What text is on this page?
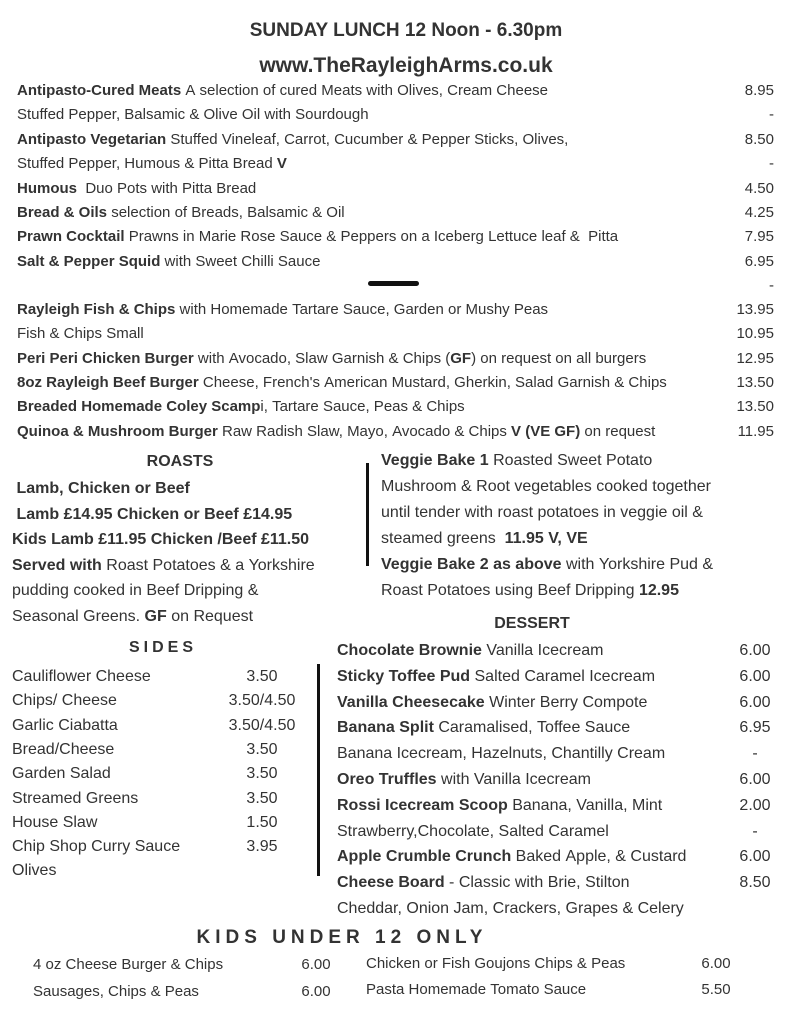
SUNDAY LUNCH 12 Noon - 6.30pm
www.TheRayleighArms.co.uk
ROASTS
DESSERT
SIDES
KIDS UNDER 12 ONLY
Antipasto-Cured Meats A selection of cured Meats with Olives, Cream Cheese	8.95
Stuffed Pepper, Balsamic & Olive Oil with Sourdough	-
Antipasto Vegetarian Stuffed Vineleaf, Carrot, Cucumber & Pepper Sticks, Olives,	8.50
Stuffed Pepper, Humous & Pitta Bread V	-
Humous  Duo Pots with Pitta Bread	4.50
Bread & Oils selection of Breads, Balsamic & Oil	4.25
Prawn Cocktail Prawns in Marie Rose Sauce & Peppers on a Iceberg Lettuce leaf &  Pitta	7.95
Salt & Pepper Squid with Sweet Chilli Sauce	6.95
-
Rayleigh Fish & Chips with Homemade Tartare Sauce, Garden or Mushy Peas	13.95
Fish & Chips Small	10.95
Peri Peri Chicken Burger with Avocado, Slaw Garnish & Chips (GF) on request on all burgers	12.95
8oz Rayleigh Beef Burger Cheese, French's American Mustard, Gherkin, Salad Garnish & Chips	13.50
Breaded Homemade Coley Scampi, Tartare Sauce, Peas & Chips	13.50
Quinoa & Mushroom Burger Raw Radish Slaw, Mayo, Avocado & Chips V (VE GF) on request	11.95
Lamb, Chicken or Beef
Lamb £14.95 Chicken or Beef £14.95
Kids Lamb £11.95 Chicken /Beef £11.50
Served with Roast Potatoes & a Yorkshire
pudding cooked in Beef Dripping &
Seasonal Greens. GF on Request
Veggie Bake 1 Roasted Sweet Potato
Mushroom & Root vegetables cooked together
until tender with roast potatoes in veggie oil &
steamed greens  11.95 V, VE
Veggie Bake 2 as above with Yorkshire Pud &
Roast Potatoes using Beef Dripping 12.95
Cauliflower Cheese	3.50
Chips/ Cheese	3.50/4.50
Garlic Ciabatta	3.50/4.50
Bread/Cheese	3.50
Garden Salad	3.50
Streamed Greens	3.50
House Slaw	1.50
Chip Shop Curry Sauce	3.95
Olives
Chocolate Brownie Vanilla Icecream	6.00
Sticky Toffee Pud Salted Caramel Icecream	6.00
Vanilla Cheesecake Winter Berry Compote	6.00
Banana Split Caramalised, Toffee Sauce	6.95
Banana Icecream, Hazelnuts, Chantilly Cream	-
Oreo Truffles with Vanilla Icecream	6.00
Rossi Icecream Scoop Banana, Vanilla, Mint	2.00
Strawberry,Chocolate, Salted Caramel	-
Apple Crumble Crunch Baked Apple, & Custard	6.00
Cheese Board - Classic with Brie, Stilton	8.50
Cheddar, Onion Jam, Crackers, Grapes & Celery
4 oz Cheese Burger & Chips	6.00
Sausages, Chips & Peas	6.00
Chicken or Fish Goujons Chips & Peas	6.00
Pasta Homemade Tomato Sauce	5.50
